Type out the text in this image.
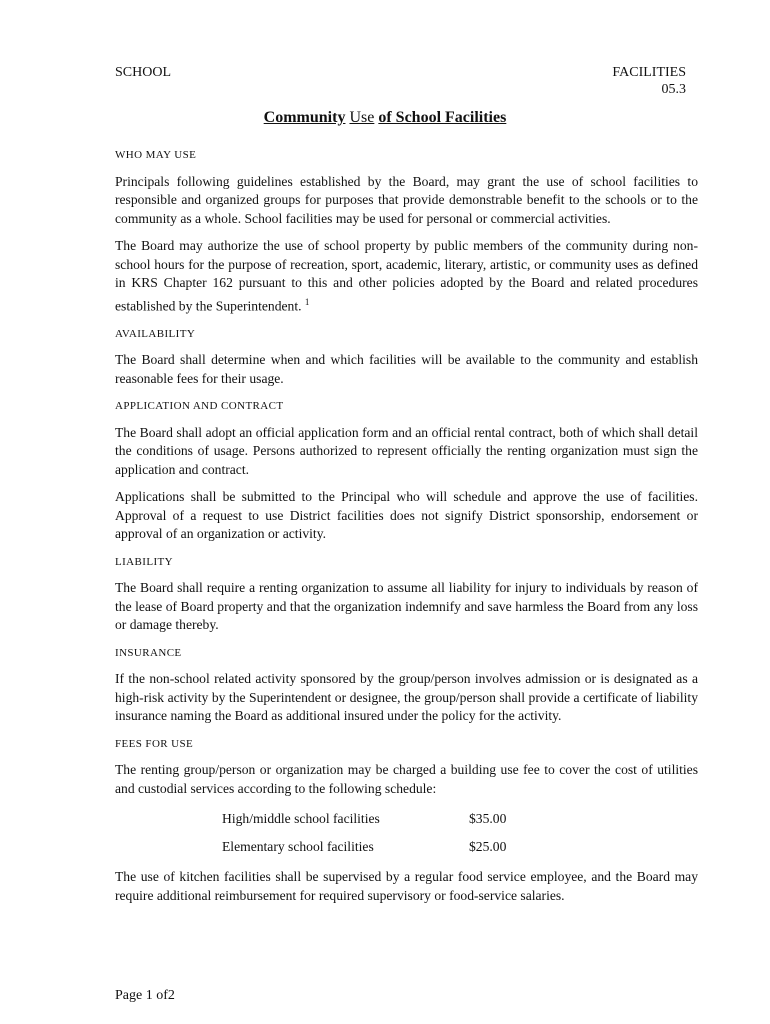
SCHOOL	FACILITIES
05.3
Community Use of School Facilities
WHO MAY USE

Principals following guidelines established by the Board, may grant the use of school facilities to responsible and organized groups for purposes that provide demonstrable benefit to the schools or to the community as a whole. School facilities may be used for personal or commercial activities.

The Board may authorize the use of school property by public members of the community during non-school hours for the purpose of recreation, sport, academic, literary, artistic, or community uses as defined in KRS Chapter 162 pursuant to this and other policies adopted by the Board and related procedures established by the Superintendent. $^1$

AVAILABILITY

The Board shall determine when and which facilities will be available to the community and establish reasonable fees for their usage.

APPLICATION AND CONTRACT

The Board shall adopt an official application form and an official rental contract, both of which shall detail the conditions of usage. Persons authorized to represent officially the renting organization must sign the application and contract.

Applications shall be submitted to the Principal who will schedule and approve the use of facilities. Approval of a request to use District facilities does not signify District sponsorship, endorsement or approval of an organization or activity.

LIABILITY

The Board shall require a renting organization to assume all liability for injury to individuals by reason of the lease of Board property and that the organization indemnify and save harmless the Board from any loss or damage thereby.

INSURANCE

If the non-school related activity sponsored by the group/person involves admission or is designated as a high-risk activity by the Superintendent or designee, the group/person shall provide a certificate of liability insurance naming the Board as additional insured under the policy for the activity.

FEES FOR USE

The renting group/person or organization may be charged a building use fee to cover the cost of utilities and custodial services according to the following schedule:

High/middle school facilities	$35.00
Elementary school facilities	$25.00

The use of kitchen facilities shall be supervised by a regular food service employee, and the Board may require additional reimbursement for required supervisory or food-service salaries.

Page 1 of2
